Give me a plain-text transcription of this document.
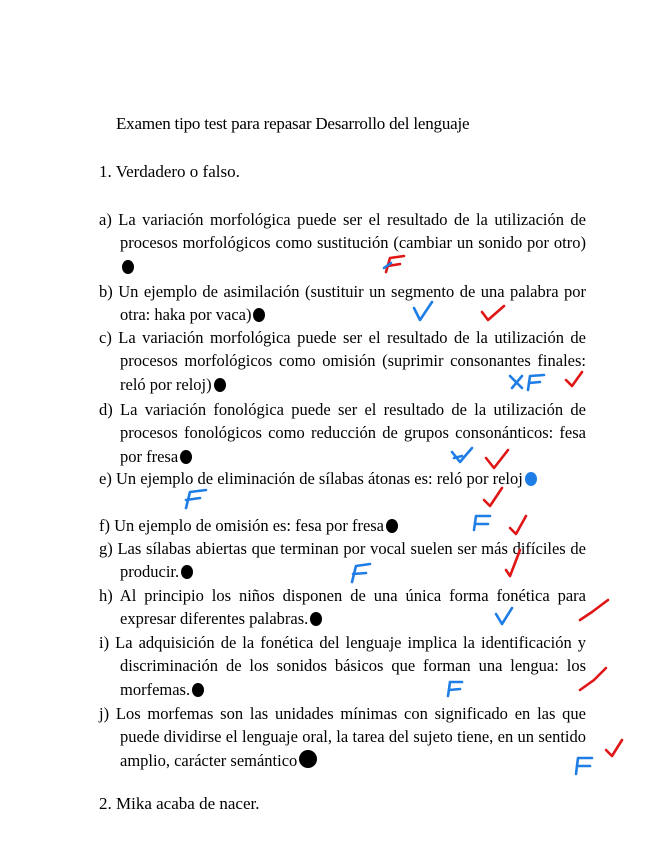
Examen tipo test para repasar Desarrollo del lenguaje
1. Verdadero o falso.
a) La variación morfológica puede ser el resultado de la utilización de procesos morfológicos como sustitución (cambiar un sonido por otro)
b) Un ejemplo de asimilación (sustituir un segmento de una palabra por otra: haka por vaca)
c) La variación morfológica puede ser el resultado de la utilización de procesos morfológicos como omisión (suprimir consonantes finales: reló por reloj)
d) La variación fonológica puede ser el resultado de la utilización de procesos fonológicos como reducción de grupos consonánticos: fesa por fresa
e) Un ejemplo de eliminación de sílabas átonas es: reló por reloj
f) Un ejemplo de omisión es: fesa por fresa
g) Las sílabas abiertas que terminan por vocal suelen ser más difíciles de producir.
h) Al principio los niños disponen de una única forma fonética para expresar diferentes palabras.
i) La adquisición de la fonética del lenguaje implica la identificación y discriminación de los sonidos básicos que forman una lengua: los morfemas.
j) Los morfemas son las unidades mínimas con significado en las que puede dividirse el lenguaje oral, la tarea del sujeto tiene, en un sentido amplio, carácter semántico
2. Mika acaba de nacer.
